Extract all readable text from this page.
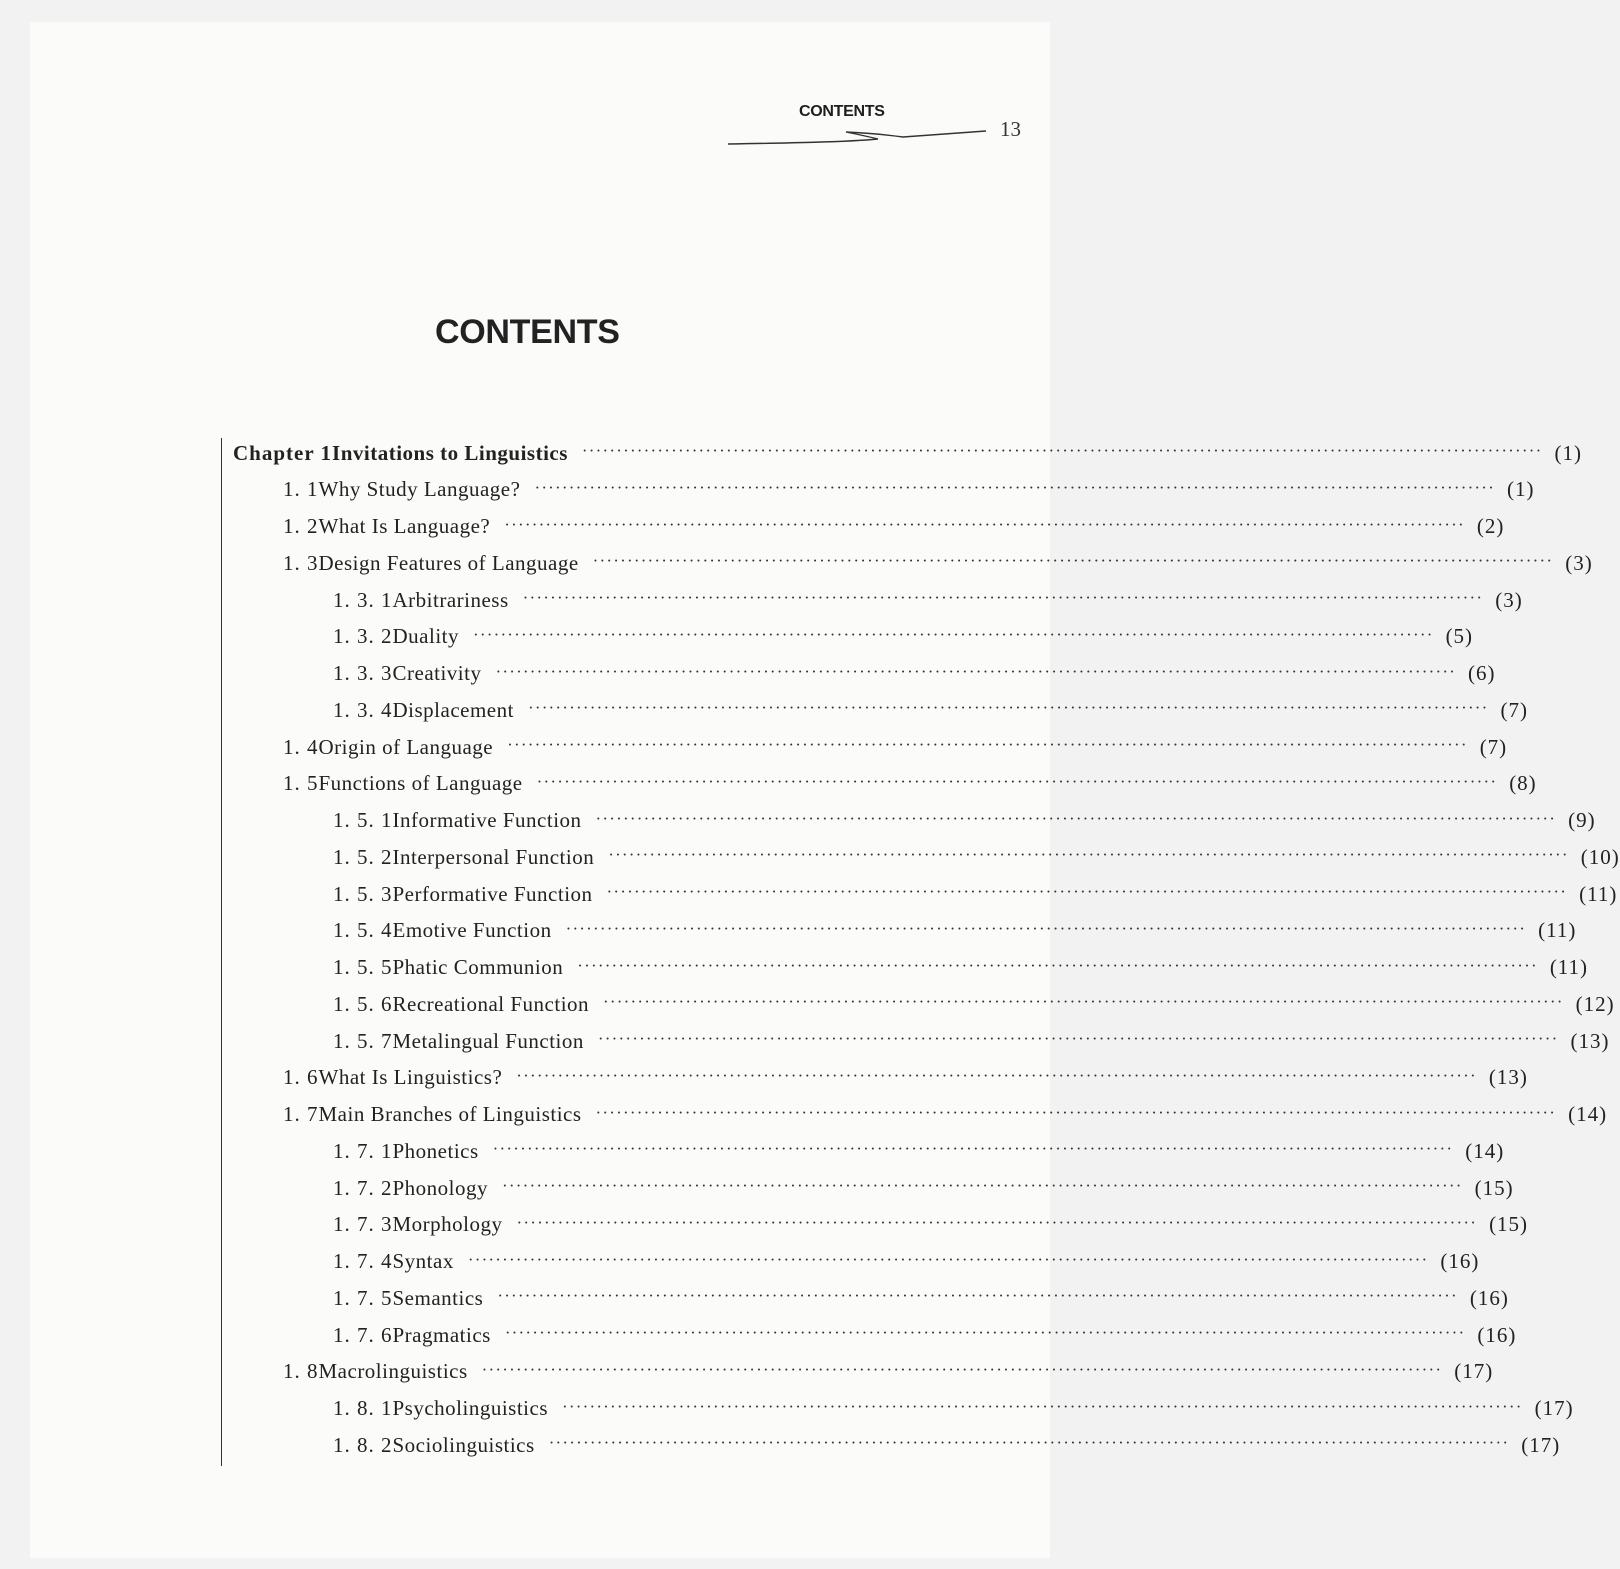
CONTENTS
13
CONTENTS
Chapter 1 Invitations to Linguistics ············································································································································ (1)
1. 1 Why Study Language? ············································································································································ (1)
1. 2 What Is Language? ············································································································································ (2)
1. 3 Design Features of Language ············································································································································ (3)
1. 3. 1 Arbitrariness ············································································································································ (3)
1. 3. 2 Duality ············································································································································ (5)
1. 3. 3 Creativity ············································································································································ (6)
1. 3. 4 Displacement ············································································································································ (7)
1. 4 Origin of Language ············································································································································ (7)
1. 5 Functions of Language ············································································································································ (8)
1. 5. 1 Informative Function ············································································································································ (9)
1. 5. 2 Interpersonal Function ············································································································································ (10)
1. 5. 3 Performative Function ············································································································································ (11)
1. 5. 4 Emotive Function ············································································································································ (11)
1. 5. 5 Phatic Communion ············································································································································ (11)
1. 5. 6 Recreational Function ············································································································································ (12)
1. 5. 7 Metalingual Function ············································································································································ (13)
1. 6 What Is Linguistics? ············································································································································ (13)
1. 7 Main Branches of Linguistics ············································································································································ (14)
1. 7. 1 Phonetics ············································································································································ (14)
1. 7. 2 Phonology ············································································································································ (15)
1. 7. 3 Morphology ············································································································································ (15)
1. 7. 4 Syntax ············································································································································ (16)
1. 7. 5 Semantics ············································································································································ (16)
1. 7. 6 Pragmatics ············································································································································ (16)
1. 8 Macrolinguistics ············································································································································ (17)
1. 8. 1 Psycholinguistics ············································································································································ (17)
1. 8. 2 Sociolinguistics ············································································································································ (17)
